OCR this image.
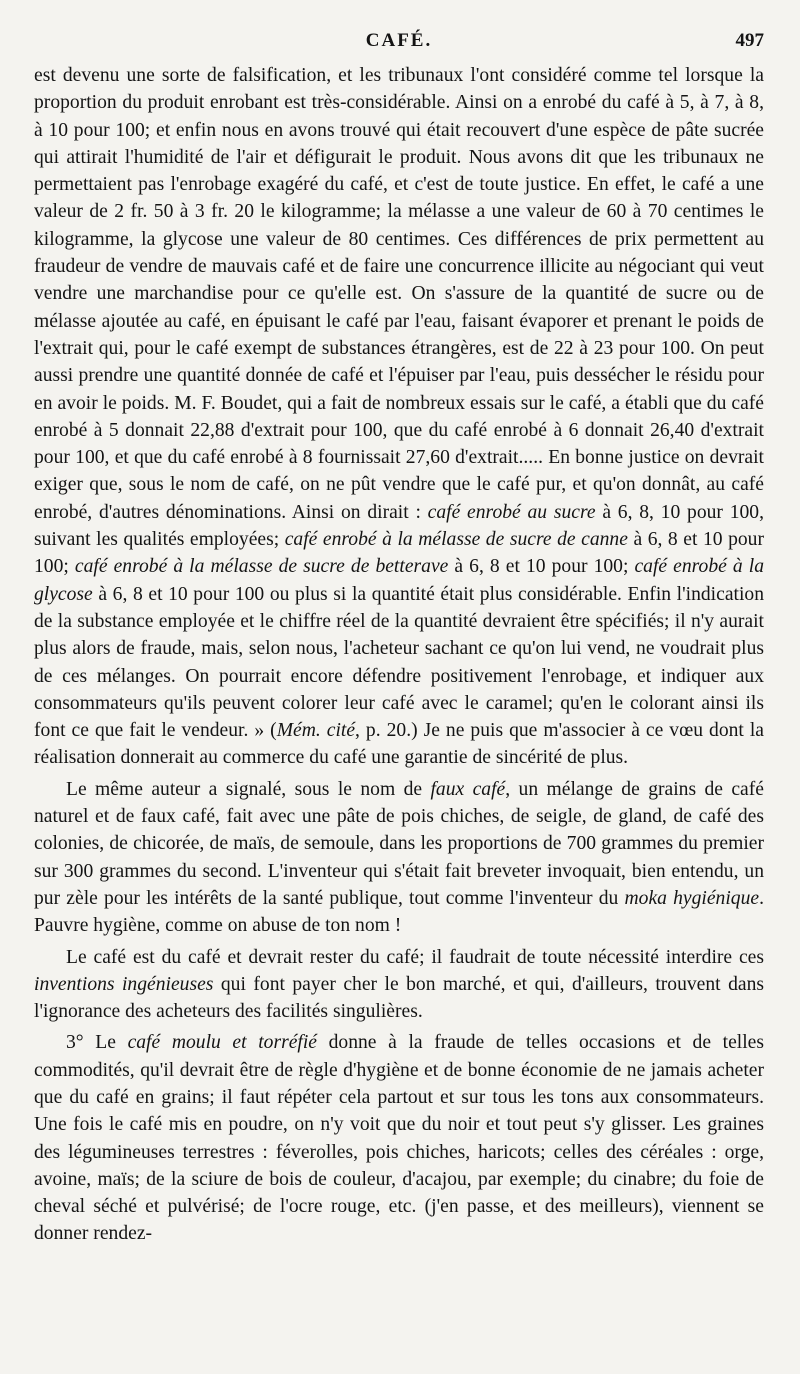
CAFÉ.	497

est devenu une sorte de falsification, et les tribunaux l'ont considéré comme tel lorsque la proportion du produit enrobant est très-considérable. Ainsi on a enrobé du café à 5, à 7, à 8, à 10 pour 100; et enfin nous en avons trouvé qui était recouvert d'une espèce de pâte sucrée qui attirait l'humidité de l'air et défigurait le produit. Nous avons dit que les tribunaux ne permettaient pas l'enrobage exagéré du café, et c'est de toute justice. En effet, le café a une valeur de 2 fr. 50 à 3 fr. 20 le kilogramme; la mélasse a une valeur de 60 à 70 centimes le kilogramme, la glycose une valeur de 80 centimes. Ces différences de prix permettent au fraudeur de vendre de mauvais café et de faire une concurrence illicite au négociant qui veut vendre une marchandise pour ce qu'elle est. On s'assure de la quantité de sucre ou de mélasse ajoutée au café, en épuisant le café par l'eau, faisant évaporer et prenant le poids de l'extrait qui, pour le café exempt de substances étrangères, est de 22 à 23 pour 100. On peut aussi prendre une quantité donnée de café et l'épuiser par l'eau, puis dessécher le résidu pour en avoir le poids. M. F. Boudet, qui a fait de nombreux essais sur le café, a établi que du café enrobé à 5 donnait 22,88 d'extrait pour 100, que du café enrobé à 6 donnait 26,40 d'extrait pour 100, et que du café enrobé à 8 fournissait 27,60 d'extrait..... En bonne justice on devrait exiger que, sous le nom de café, on ne pût vendre que le café pur, et qu'on donnât, au café enrobé, d'autres dénominations. Ainsi on dirait : café enrobé au sucre à 6, 8, 10 pour 100, suivant les qualités employées; café enrobé à la mélasse de sucre de canne à 6, 8 et 10 pour 100; café enrobé à la mélasse de sucre de betterave à 6, 8 et 10 pour 100; café enrobé à la glycose à 6, 8 et 10 pour 100 ou plus si la quantité était plus considérable. Enfin l'indication de la substance employée et le chiffre réel de la quantité devraient être spécifiés; il n'y aurait plus alors de fraude, mais, selon nous, l'acheteur sachant ce qu'on lui vend, ne voudrait plus de ces mélanges. On pourrait encore défendre positivement l'enrobage, et indiquer aux consommateurs qu'ils peuvent colorer leur café avec le caramel; qu'en le colorant ainsi ils font ce que fait le vendeur. » (Mém. cité, p. 20.) Je ne puis que m'associer à ce vœu dont la réalisation donnerait au commerce du café une garantie de sincérité de plus.

Le même auteur a signalé, sous le nom de faux café, un mélange de grains de café naturel et de faux café, fait avec une pâte de pois chiches, de seigle, de gland, de café des colonies, de chicorée, de maïs, de semoule, dans les proportions de 700 grammes du premier sur 300 grammes du second. L'inventeur qui s'était fait breveter invoquait, bien entendu, un pur zèle pour les intérêts de la santé publique, tout comme l'inventeur du moka hygiénique. Pauvre hygiène, comme on abuse de ton nom !

Le café est du café et devrait rester du café; il faudrait de toute nécessité interdire ces inventions ingénieuses qui font payer cher le bon marché, et qui, d'ailleurs, trouvent dans l'ignorance des acheteurs des facilités singulières.

3° Le café moulu et torréfié donne à la fraude de telles occasions et de telles commodités, qu'il devrait être de règle d'hygiène et de bonne économie de ne jamais acheter que du café en grains; il faut répéter cela partout et sur tous les tons aux consommateurs. Une fois le café mis en poudre, on n'y voit que du noir et tout peut s'y glisser. Les graines des légumineuses terrestres : féverolles, pois chiches, haricots; celles des céréales : orge, avoine, maïs; de la sciure de bois de couleur, d'acajou, par exemple; du cinabre; du foie de cheval séché et pulvérisé; de l'ocre rouge, etc. (j'en passe, et des meilleurs), viennent se donner rendez-
